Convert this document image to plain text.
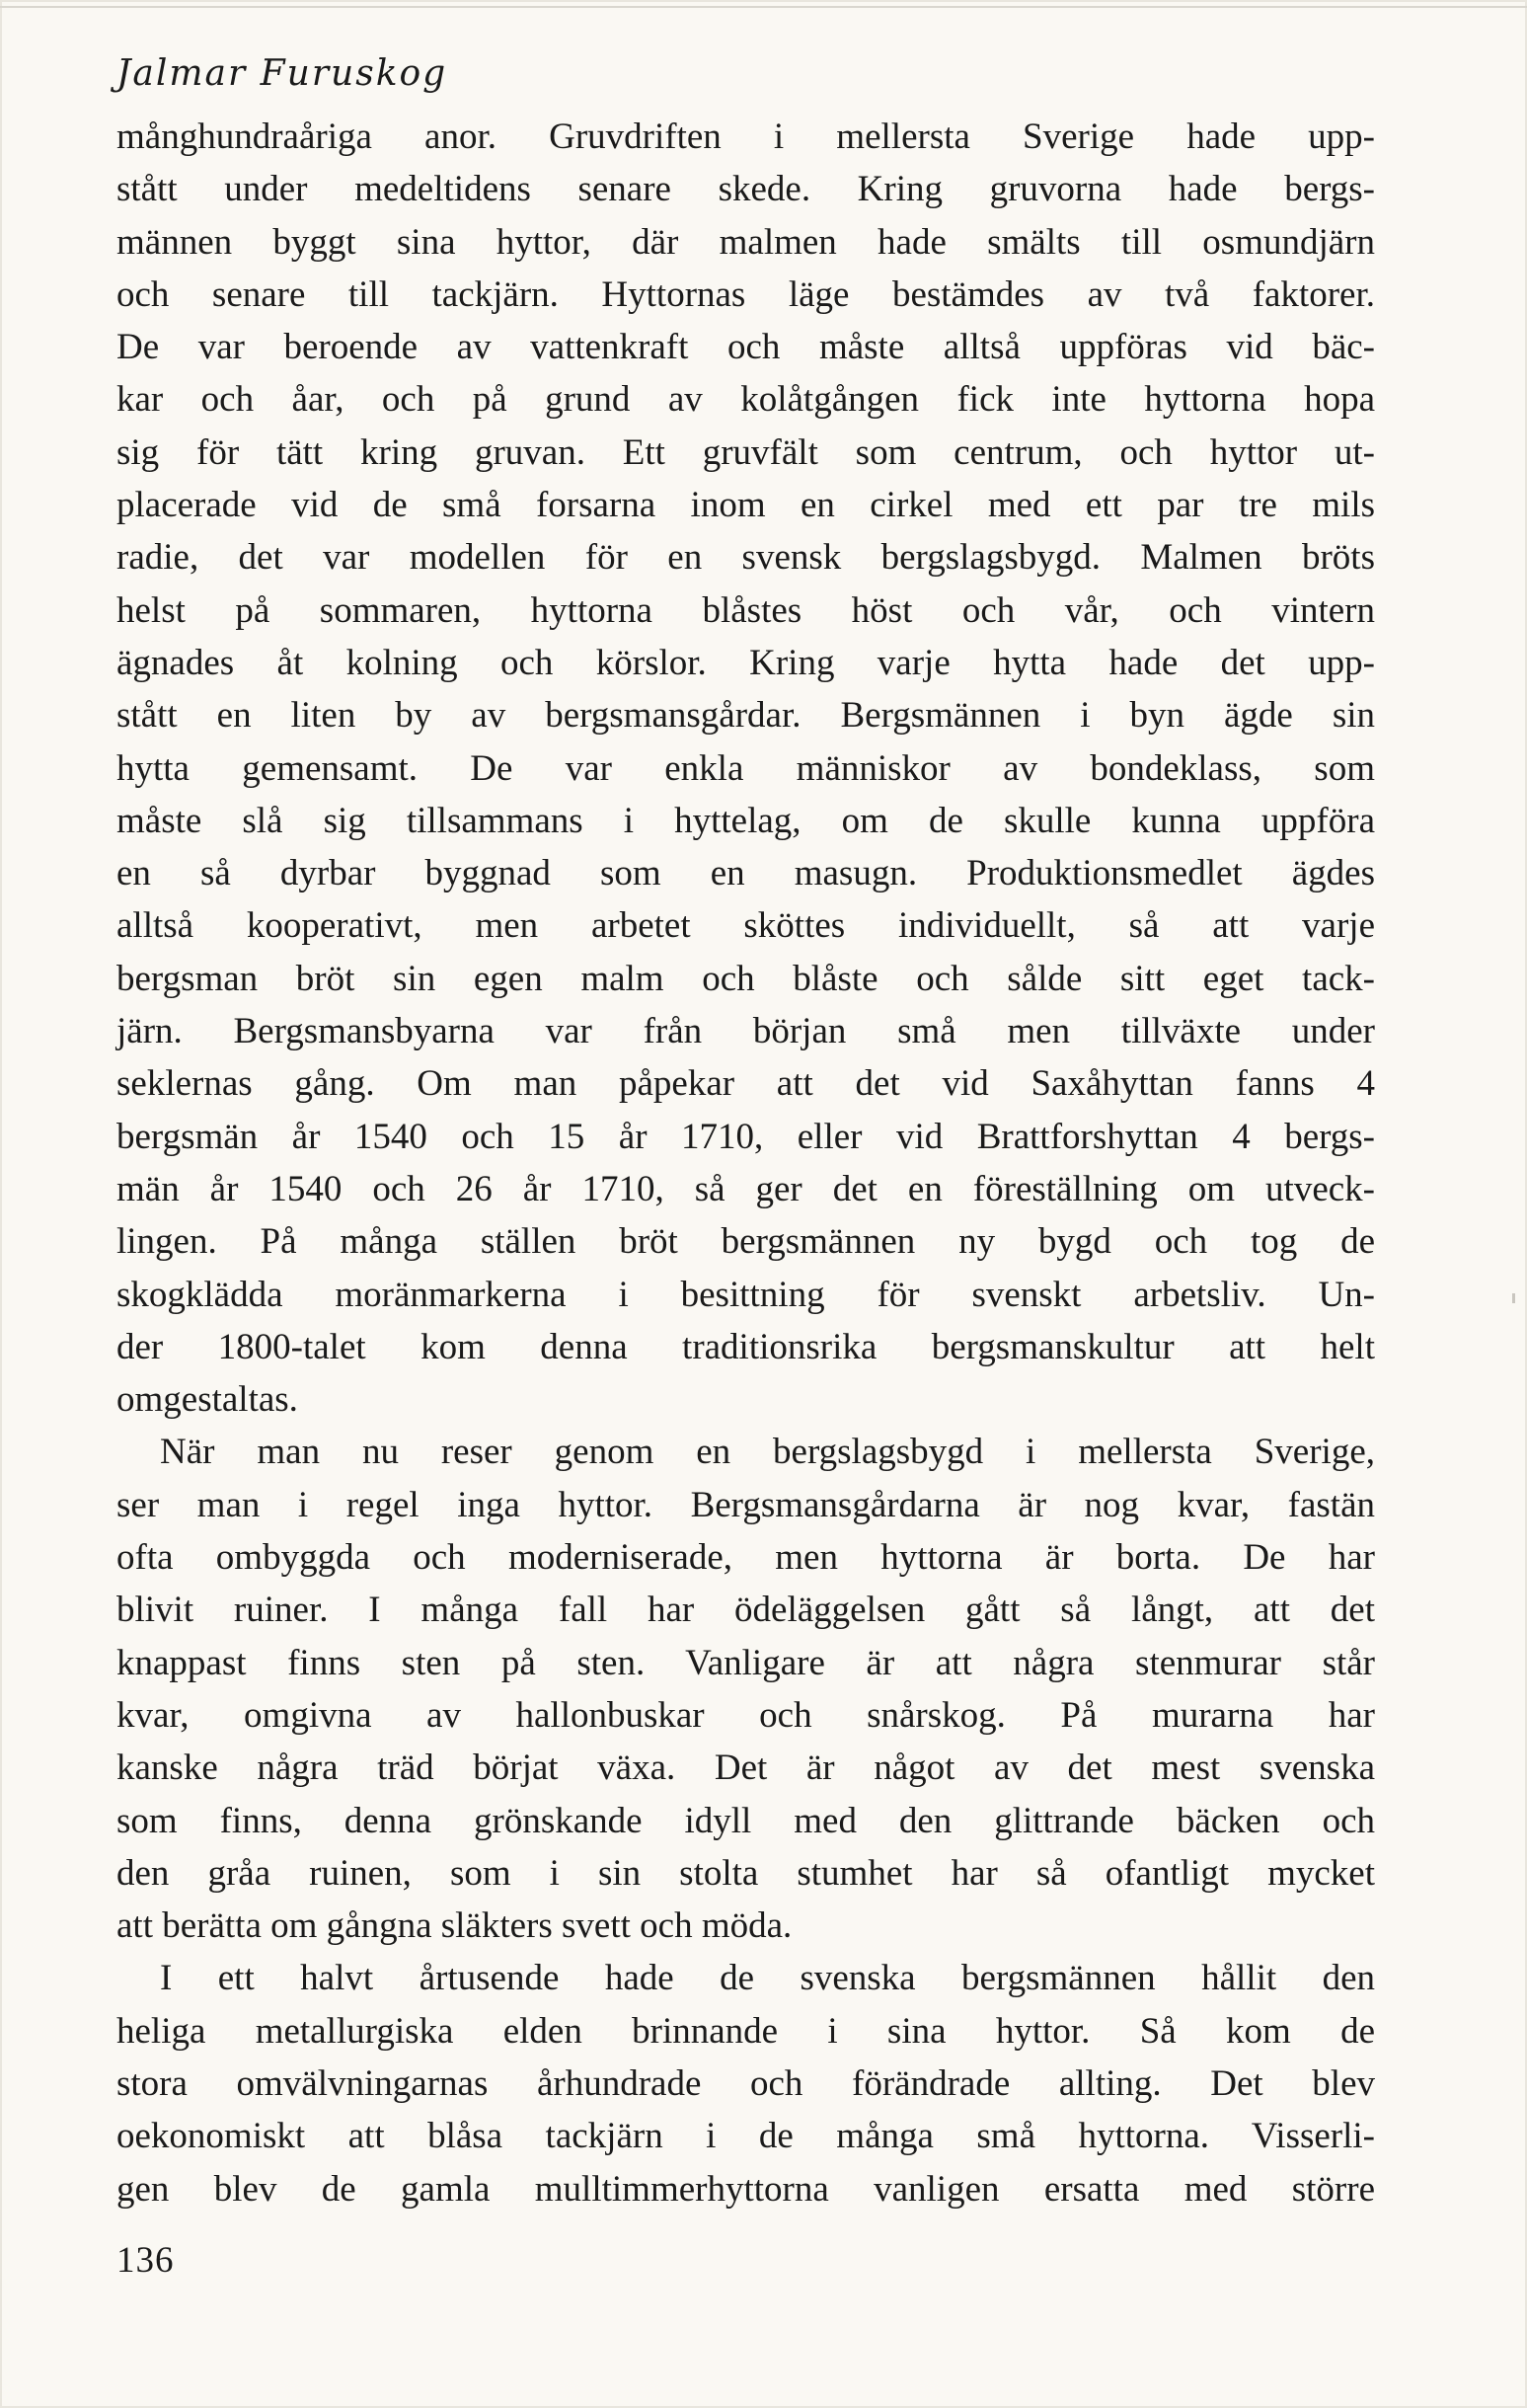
Jalmar Furuskog

månghundraåriga anor. Gruvdriften i mellersta Sverige hade upp-
stått under medeltidens senare skede. Kring gruvorna hade bergs-
männen byggt sina hyttor, där malmen hade smälts till osmundjärn
och senare till tackjärn. Hyttornas läge bestämdes av två faktorer.
De var beroende av vattenkraft och måste alltså uppföras vid bäc-
kar och åar, och på grund av kolåtgången fick inte hyttorna hopa
sig för tätt kring gruvan. Ett gruvfält som centrum, och hyttor ut-
placerade vid de små forsarna inom en cirkel med ett par tre mils
radie, det var modellen för en svensk bergslagsbygd. Malmen bröts
helst på sommaren, hyttorna blåstes höst och vår, och vintern
ägnades åt kolning och körslor. Kring varje hytta hade det upp-
stått en liten by av bergsmansgårdar. Bergsmännen i byn ägde sin
hytta gemensamt. De var enkla människor av bondeklass, som
måste slå sig tillsammans i hyttelag, om de skulle kunna uppföra
en så dyrbar byggnad som en masugn. Produktionsmedlet ägdes
alltså kooperativt, men arbetet sköttes individuellt, så att varje
bergsman bröt sin egen malm och blåste och sålde sitt eget tack-
järn. Bergsmansbyarna var från början små men tillväxte under
seklernas gång. Om man påpekar att det vid Saxåhyttan fanns 4
bergsmän år 1540 och 15 år 1710, eller vid Brattforshyttan 4 bergs-
män år 1540 och 26 år 1710, så ger det en föreställning om utveck-
lingen. På många ställen bröt bergsmännen ny bygd och tog de
skogklädda moränmarkerna i besittning för svenskt arbetsliv. Un-
der 1800-talet kom denna traditionsrika bergsmanskultur att helt
omgestaltas.

När man nu reser genom en bergslagsbygd i mellersta Sverige,
ser man i regel inga hyttor. Bergsmansgårdarna är nog kvar, fastän
ofta ombyggda och moderniserade, men hyttorna är borta. De har
blivit ruiner. I många fall har ödeläggelsen gått så långt, att det
knappast finns sten på sten. Vanligare är att några stenmurar står
kvar, omgivna av hallonbuskar och snårskog. På murarna har
kanske några träd börjat växa. Det är något av det mest svenska
som finns, denna grönskande idyll med den glittrande bäcken och
den gråa ruinen, som i sin stolta stumhet har så ofantligt mycket
att berätta om gångna släkters svett och möda.

I ett halvt årtusende hade de svenska bergsmännen hållit den
heliga metallurgiska elden brinnande i sina hyttor. Så kom de
stora omvälvningarnas århundrade och förändrade allting. Det blev
oekonomiskt att blåsa tackjärn i de många små hyttorna. Visserli-
gen blev de gamla mulltimmerhyttorna vanligen ersatta med större

136
